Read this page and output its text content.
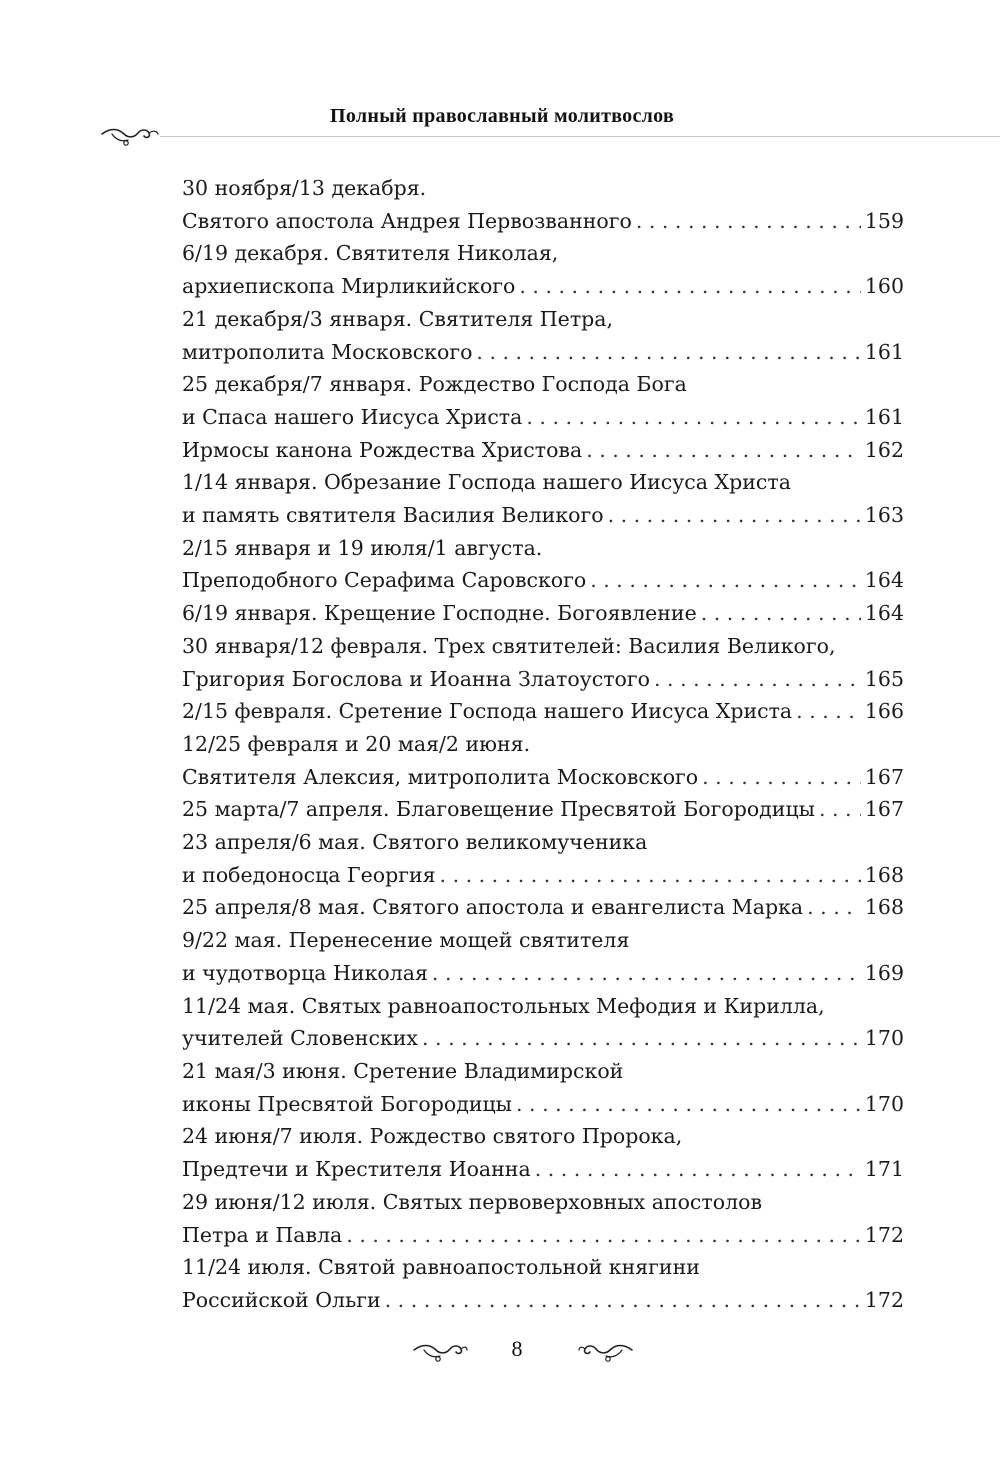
Полный православный молитвослов
30 ноября/13 декабря.
Святого апостола Андрея Первозванного . . .	159
6/19 декабря. Святителя Николая,
архиепископа Мирликийского . . .	160
21 декабря/3 января. Святителя Петра,
митрополита Московского . . .	161
25 декабря/7 января. Рождество Господа Бога
и Спаса нашего Иисуса Христа . . .	161
Ирмосы канона Рождества Христова . . .	162
1/14 января. Обрезание Господа нашего Иисуса Христа
и память святителя Василия Великого . . .	163
2/15 января и 19 июля/1 августа.
Преподобного Серафима Саровского . . .	164
6/19 января. Крещение Господне. Богоявление . . .	164
30 января/12 февраля. Трех святителей: Василия Великого,
Григория Богослова и Иоанна Златоустого . . .	165
2/15 февраля. Сретение Господа нашего Иисуса Христа . . .	166
12/25 февраля и 20 мая/2 июня.
Святителя Алексия, митрополита Московского . . .	167
25 марта/7 апреля. Благовещение Пресвятой Богородицы . . . 167
23 апреля/6 мая. Святого великомученика
и победоносца Георгия . . .	168
25 апреля/8 мая. Святого апостола и евангелиста Марка . . .	168
9/22 мая. Перенесение мощей святителя
и чудотворца Николая . . .	169
11/24 мая. Святых равноапостольных Мефодия и Кирилла,
учителей Словенских . . .	170
21 мая/3 июня. Сретение Владимирской
иконы Пресвятой Богородицы . . .	170
24 июня/7 июля. Рождество святого Пророка,
Предтечи и Крестителя Иоанна . . .	171
29 июня/12 июля. Святых первоверховных апостолов
Петра и Павла . . .	172
11/24 июля. Святой равноапостольной княгини
Российской Ольги . . .	172
8
